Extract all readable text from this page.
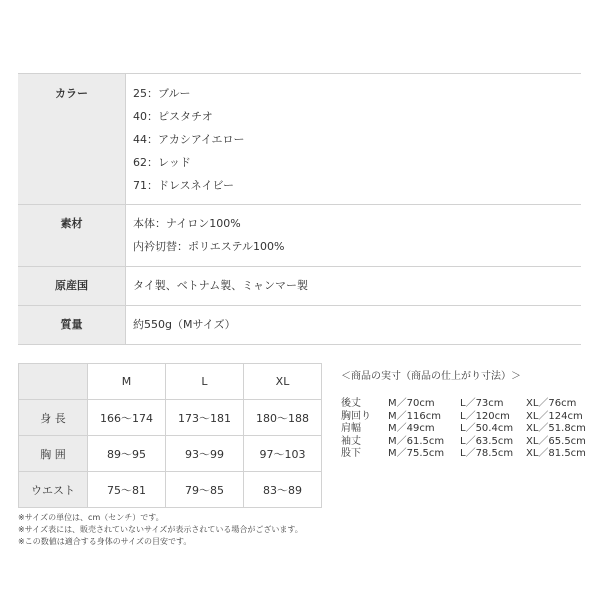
カラー	25：ブルー
40：ピスタチオ
44：アカシアイエロー
62：レッド
71：ドレスネイビー

素材	本体：ナイロン100%
内衿切替：ポリエステル100%

原産国	タイ製、ベトナム製、ミャンマー製

質量	約550g（Mサイズ）
	M	L	XL
身 長	166～174	173～181	180～188
胸 囲	89～95	93～99	97～103
ウエスト	75～81	79～85	83～89
＜商品の実寸（商品の仕上がり寸法）＞
後丈	M／70cm	L／73cm XL／76cm
胸回り M／116cm L／120cm XL／124cm
肩幅	M／49cm	L／50.4cm XL／51.8cm
袖丈	M／61.5cm L／63.5cm XL／65.5cm
股下	M／75.5cm L／78.5cm XL／81.5cm
※サイズの単位は、cm（センチ）です。
※サイズ表には、販売されていないサイズが表示されている場合がございます。
※この数値は適合する身体のサイズの目安です。
